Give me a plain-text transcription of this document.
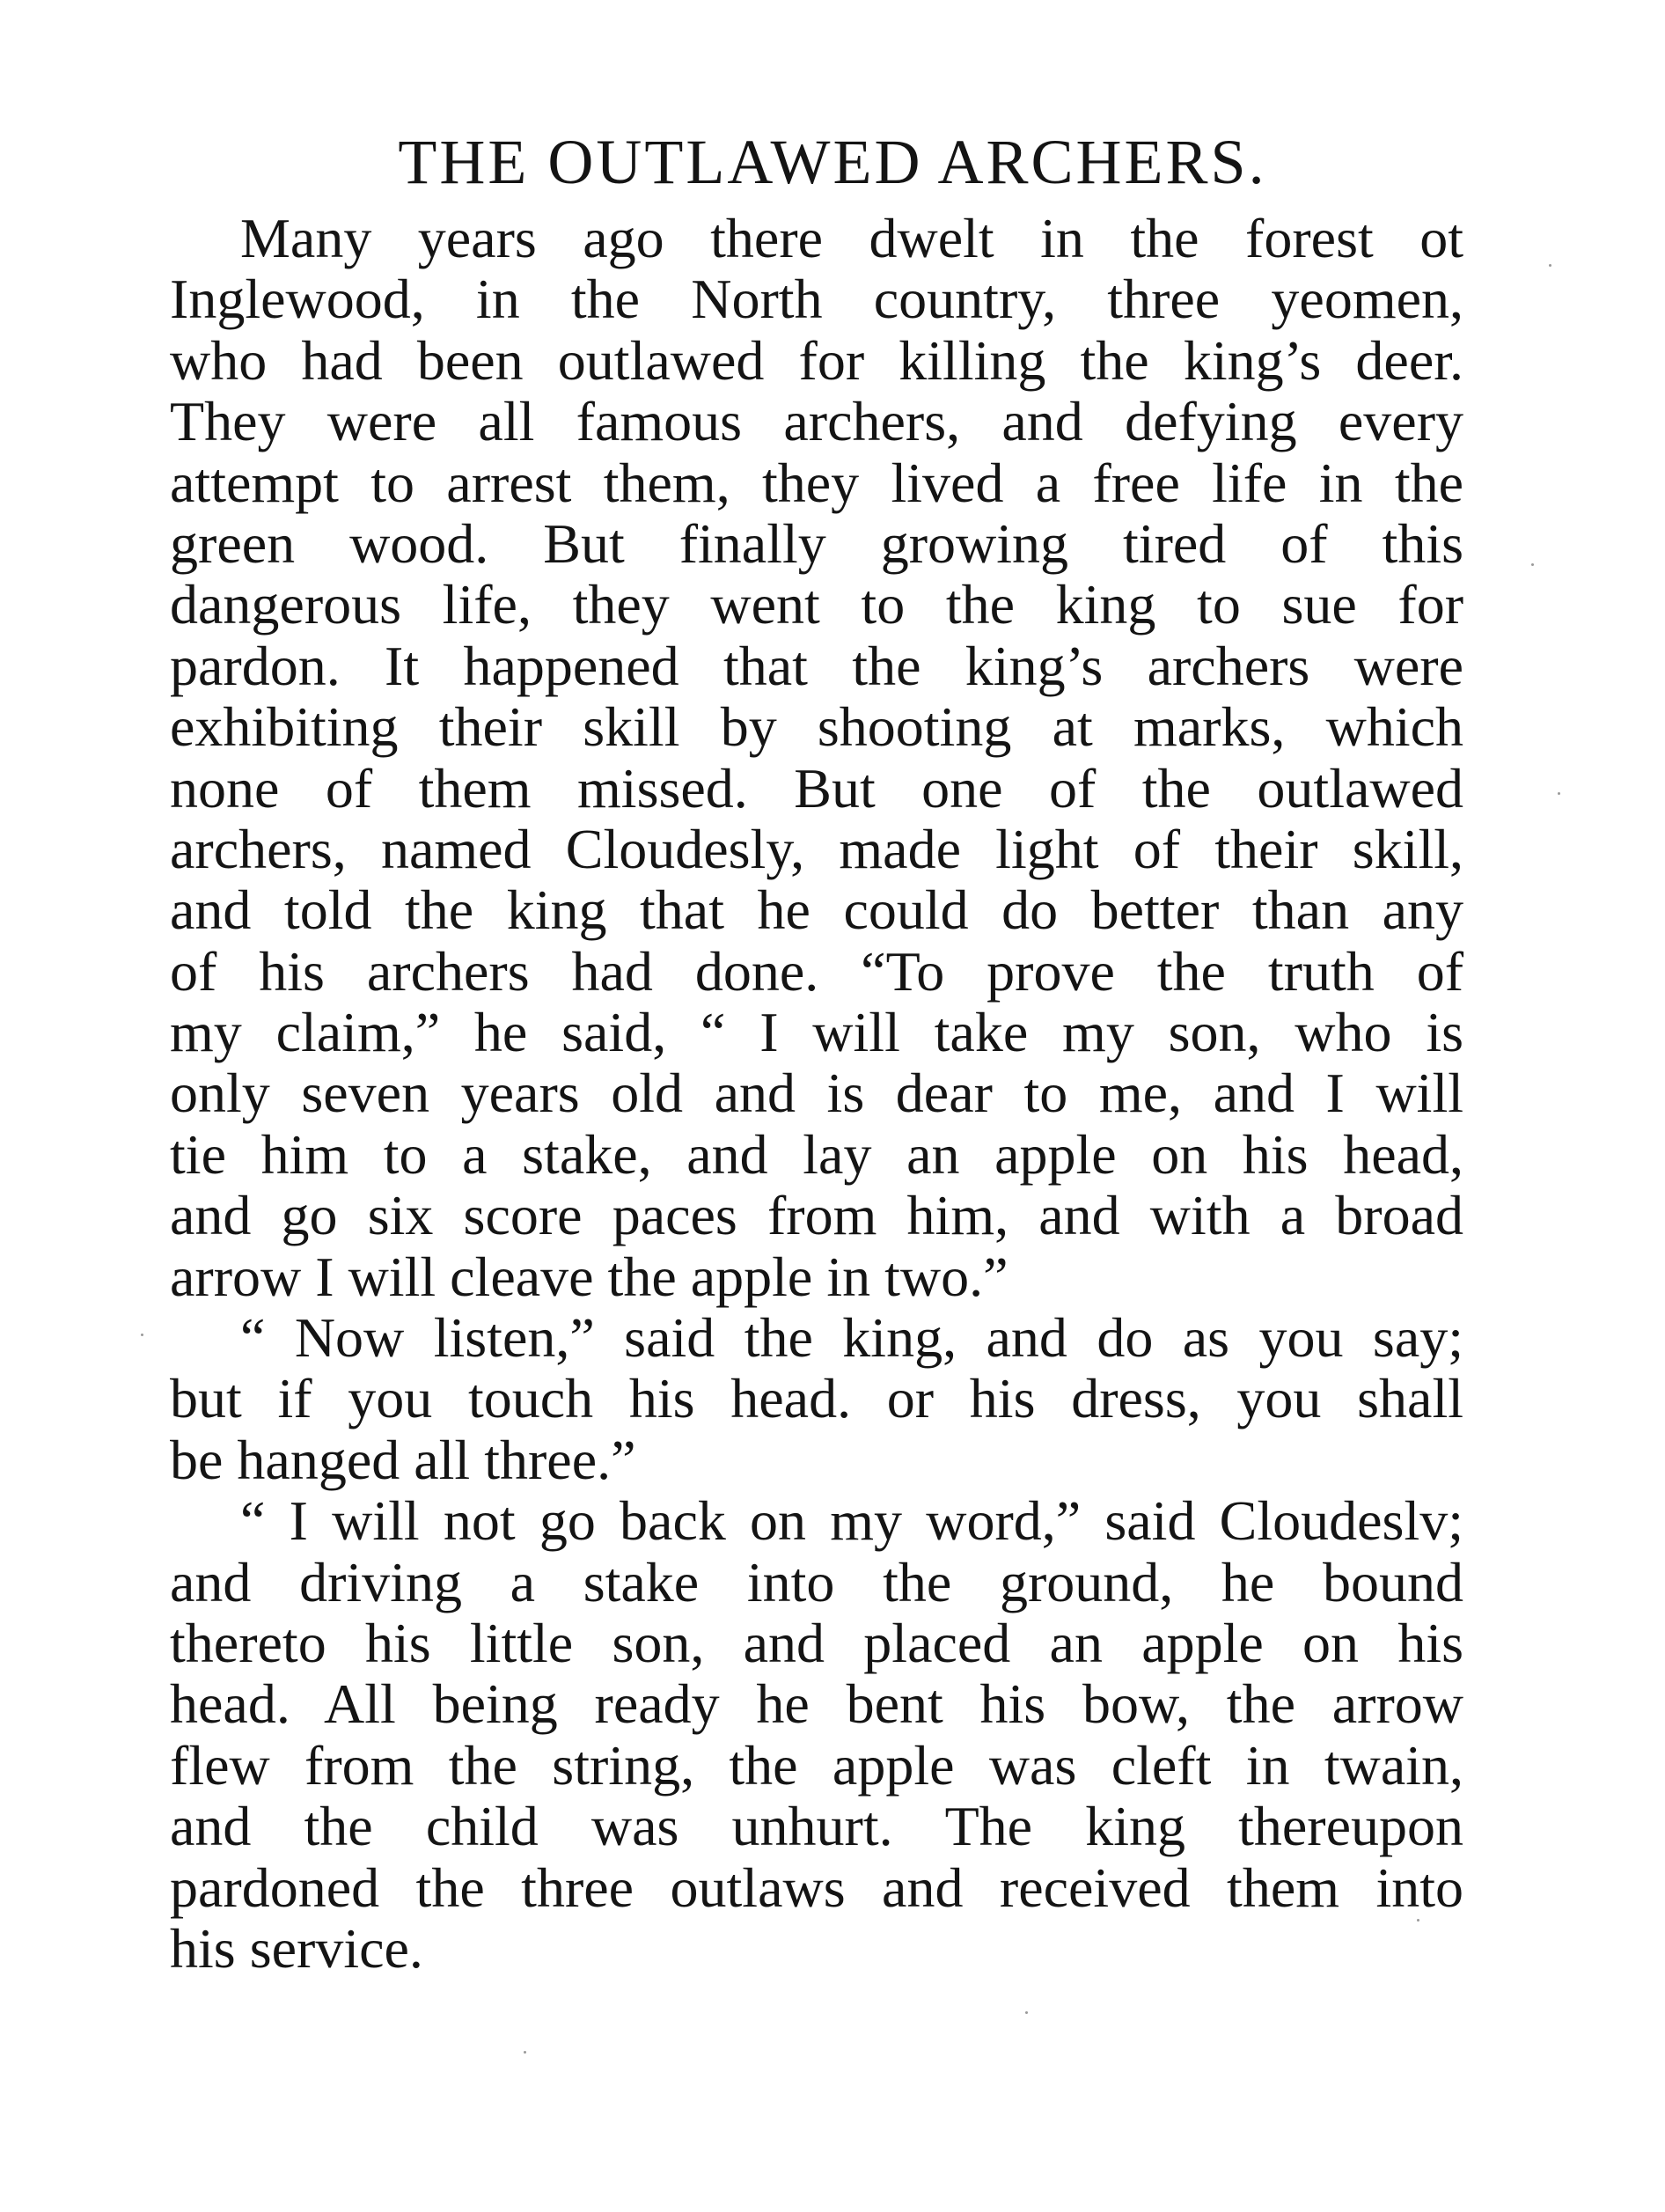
THE OUTLAWED ARCHERS.
Many years ago there dwelt in the forest ot
Inglewood, in the North country, three yeomen,
who had been outlawed for killing the king’s deer.
They were all famous archers, and defying every
attempt to arrest them, they lived a free life in the
green wood. But finally growing tired of this
dangerous life, they went to the king to sue for
pardon. It happened that the king’s archers were
exhibiting their skill by shooting at marks, which
none of them missed. But one of the outlawed
archers, named Cloudesly, made light of their skill,
and told the king that he could do better than any
of his archers had done. “To prove the truth of
my claim,” he said, “ I will take my son, who is
only seven years old and is dear to me, and I will
tie him to a stake, and lay an apple on his head,
and go six score paces from him, and with a broad
arrow I will cleave the apple in two.”
“ Now listen,” said the king, and do as you say;
but if you touch his head. or his dress, you shall
be hanged all three.”
“ I will not go back on my word,” said Cloudeslv;
and driving a stake into the ground, he bound
thereto his little son, and placed an apple on his
head. All being ready he bent his bow, the arrow
flew from the string, the apple was cleft in twain,
and the child was unhurt. The king thereupon
pardoned the three outlaws and received them into
his service.
